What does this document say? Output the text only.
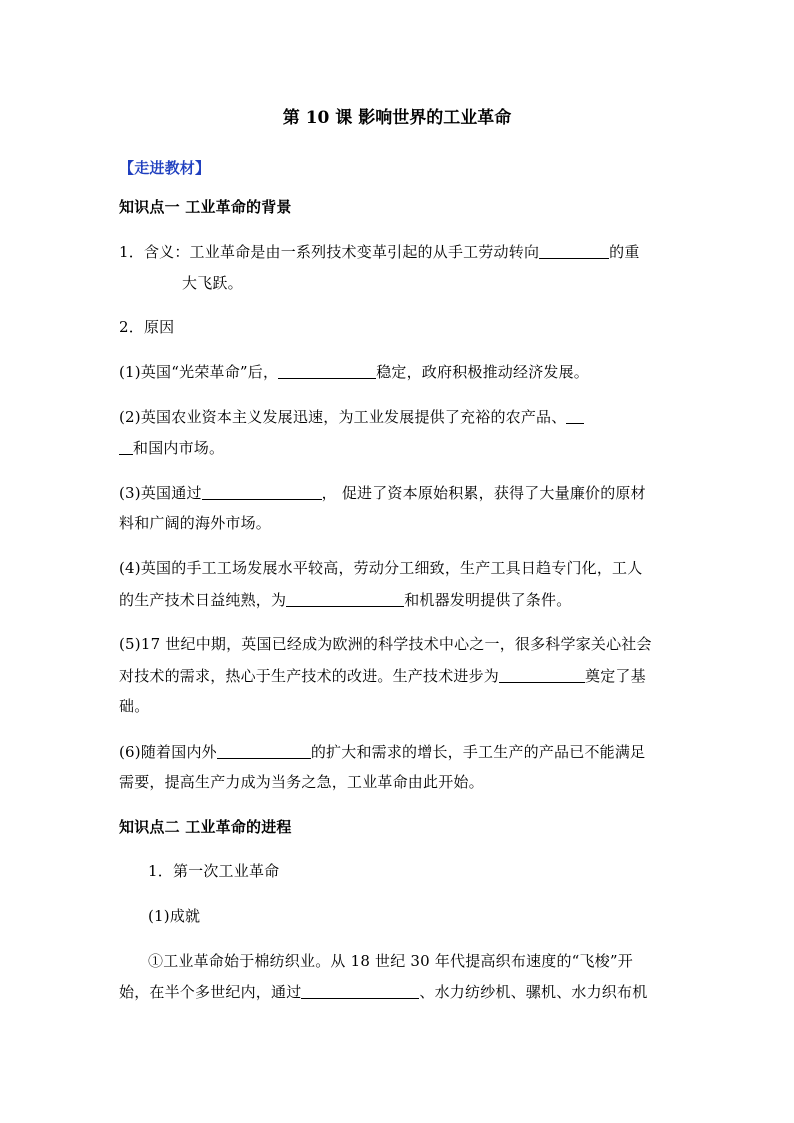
第 10 课 影响世界的工业革命
【走进教材】
知识点一 工业革命的背景
1．含义：工业革命是由一系列技术变革引起的从手工劳动转向	的重
大飞跃。
2．原因
(1)英国“光荣革命”后，	稳定，政府积极推动经济发展。
(2)英国农业资本主义发展迅速，为工业发展提供了充裕的农产品、
和国内市场。
(3)英国通过	， 促进了资本原始积累，获得了大量廉价的原材
料和广阔的海外市场。
(4)英国的手工工场发展水平较高，劳动分工细致，生产工具日趋专门化，工人
的生产技术日益纯熟，为	和机器发明提供了条件。
(5)17 世纪中期，英国已经成为欧洲的科学技术中心之一，很多科学家关心社会
对技术的需求，热心于生产技术的改进。生产技术进步为	奠定了基
础。
(6)随着国内外	的扩大和需求的增长，手工生产的产品已不能满足
需要，提高生产力成为当务之急，工业革命由此开始。
知识点二 工业革命的进程
1．第一次工业革命
(1)成就
①工业革命始于棉纺织业。从 18 世纪 30 年代提高织布速度的“飞梭”开
始，在半个多世纪内，通过	、水力纺纱机、骡机、水力织布机
